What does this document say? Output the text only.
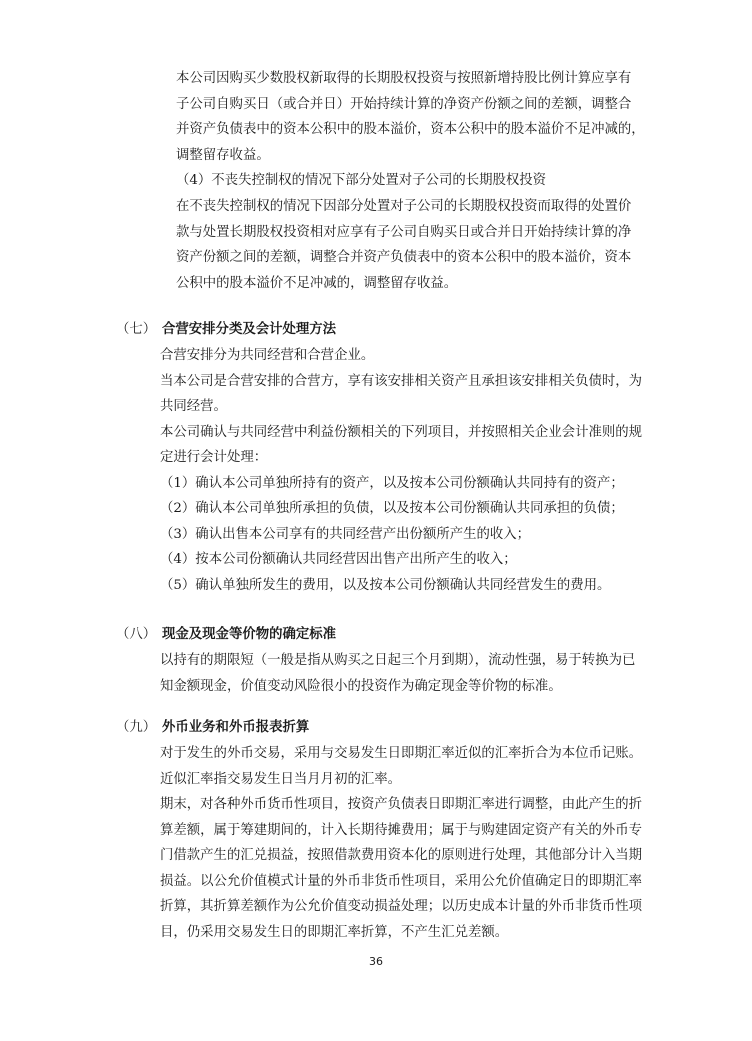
本公司因购买少数股权新取得的长期股权投资与按照新增持股比例计算应享有
子公司自购买日（或合并日）开始持续计算的净资产份额之间的差额，调整合
并资产负债表中的资本公积中的股本溢价，资本公积中的股本溢价不足冲减的，
调整留存收益。
（4）不丧失控制权的情况下部分处置对子公司的长期股权投资
在不丧失控制权的情况下因部分处置对子公司的长期股权投资而取得的处置价
款与处置长期股权投资相对应享有子公司自购买日或合并日开始持续计算的净
资产份额之间的差额，调整合并资产负债表中的资本公积中的股本溢价，资本
公积中的股本溢价不足冲减的，调整留存收益。
（七） 合营安排分类及会计处理方法
合营安排分为共同经营和合营企业。
当本公司是合营安排的合营方，享有该安排相关资产且承担该安排相关负债时，为
共同经营。
本公司确认与共同经营中利益份额相关的下列项目，并按照相关企业会计准则的规
定进行会计处理：
（1）确认本公司单独所持有的资产，以及按本公司份额确认共同持有的资产；
（2）确认本公司单独所承担的负债，以及按本公司份额确认共同承担的负债；
（3）确认出售本公司享有的共同经营产出份额所产生的收入；
（4）按本公司份额确认共同经营因出售产出所产生的收入；
（5）确认单独所发生的费用，以及按本公司份额确认共同经营发生的费用。
（八） 现金及现金等价物的确定标准
以持有的期限短（一般是指从购买之日起三个月到期），流动性强，易于转换为已
知金额现金，价值变动风险很小的投资作为确定现金等价物的标准。
（九） 外币业务和外币报表折算
对于发生的外币交易，采用与交易发生日即期汇率近似的汇率折合为本位币记账。
近似汇率指交易发生日当月月初的汇率。
期末，对各种外币货币性项目，按资产负债表日即期汇率进行调整，由此产生的折
算差额，属于筹建期间的，计入长期待摊费用；属于与购建固定资产有关的外币专
门借款产生的汇兑损益，按照借款费用资本化的原则进行处理，其他部分计入当期
损益。以公允价值模式计量的外币非货币性项目，采用公允价值确定日的即期汇率
折算，其折算差额作为公允价值变动损益处理；以历史成本计量的外币非货币性项
目，仍采用交易发生日的即期汇率折算，不产生汇兑差额。
36
